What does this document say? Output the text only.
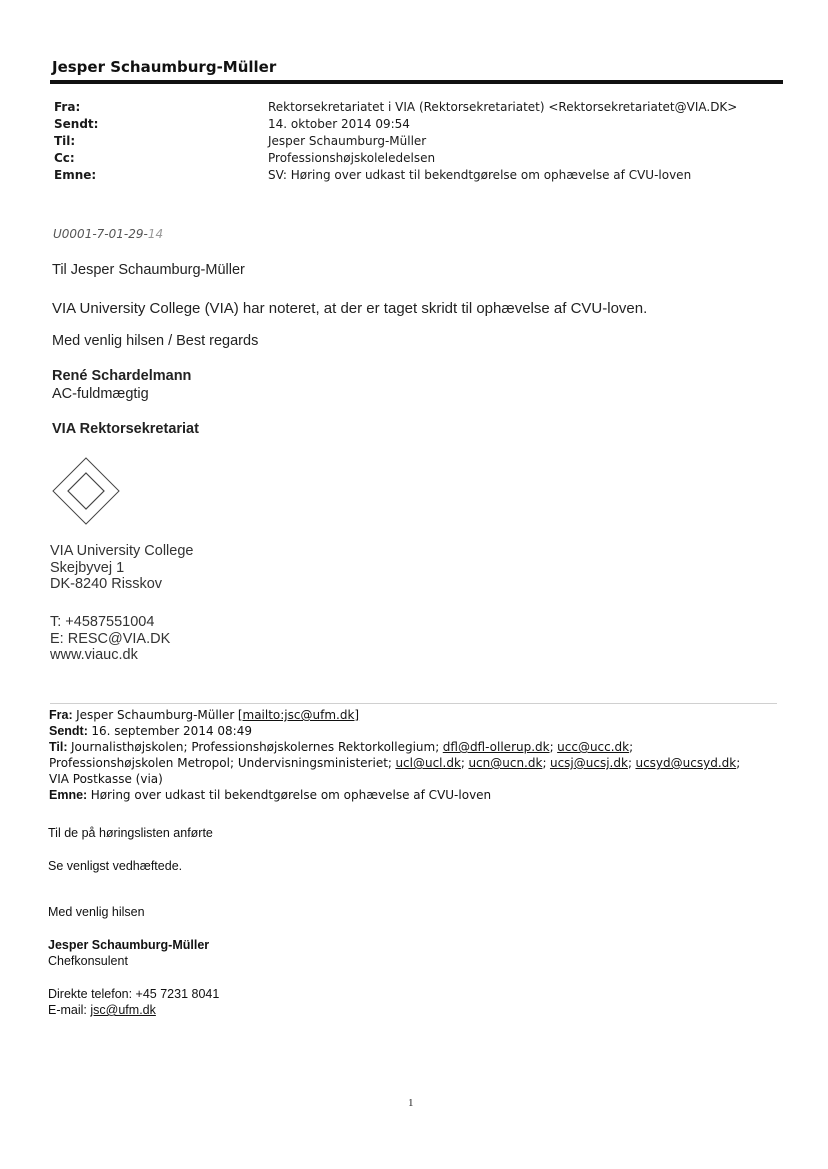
Jesper Schaumburg-Müller
Fra:	Rektorsekretariatet i VIA (Rektorsekretariatet) <Rektorsekretariatet@VIA.DK>
Sendt:	14. oktober 2014 09:54
Til:	Jesper Schaumburg-Müller
Cc:	Professionshøjskoleledelsen
Emne:	SV: Høring over udkast til bekendtgørelse om ophævelse af CVU-loven
U0001-7-01-29-14
Til Jesper Schaumburg-Müller
VIA University College (VIA) har noteret, at der er taget skridt til ophævelse af CVU-loven.
Med venlig hilsen / Best regards
René Schardelmann
AC-fuldmægtig
VIA Rektorsekretariat
VIA University College
Skejbyvej 1
DK-8240 Risskov
T: +4587551004
E: RESC@VIA.DK
www.viauc.dk
Fra: Jesper Schaumburg-Müller [mailto:jsc@ufm.dk]
Sendt: 16. september 2014 08:49
Til: Journalisthøjskolen; Professionshøjskolernes Rektorkollegium; dfl@dfl-ollerup.dk; ucc@ucc.dk;
Professionshøjskolen Metropol; Undervisningsministeriet; ucl@ucl.dk; ucn@ucn.dk; ucsj@ucsj.dk; ucsyd@ucsyd.dk;
VIA Postkasse (via)
Emne: Høring over udkast til bekendtgørelse om ophævelse af CVU-loven
Til de på høringslisten anførte
Se venligst vedhæftede.
Med venlig hilsen
Jesper Schaumburg-Müller
Chefkonsulent
Direkte telefon: +45 7231 8041
E-mail: jsc@ufm.dk
1
